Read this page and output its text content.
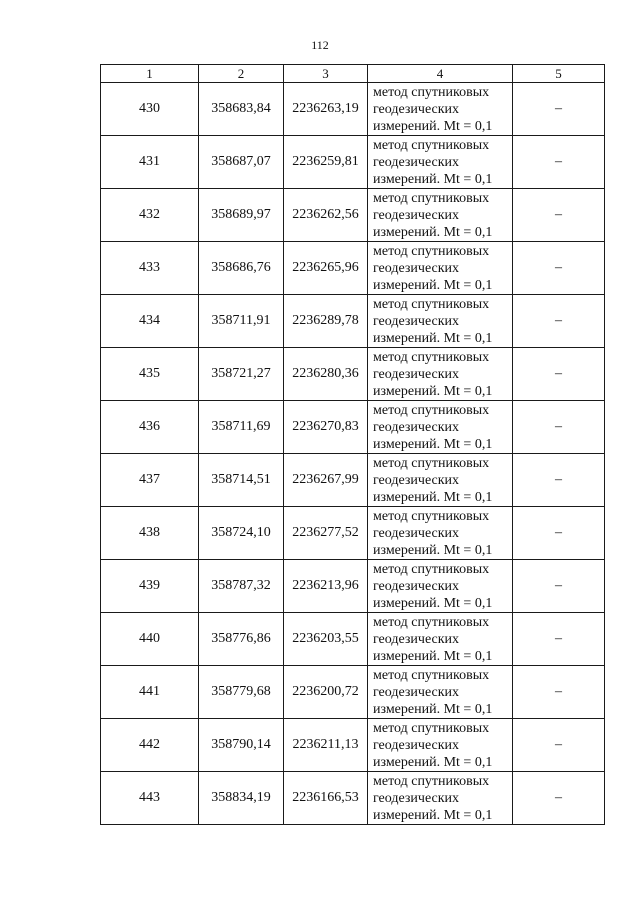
112
1	2	3	4	5
430	358683,84	2236263,19	метод спутниковых
геодезических
измерений. Mt = 0,1	–
431	358687,07	2236259,81	метод спутниковых
геодезических
измерений. Mt = 0,1	–
432	358689,97	2236262,56	метод спутниковых
геодезических
измерений. Mt = 0,1	–
433	358686,76	2236265,96	метод спутниковых
геодезических
измерений. Mt = 0,1	–
434	358711,91	2236289,78	метод спутниковых
геодезических
измерений. Mt = 0,1	–
435	358721,27	2236280,36	метод спутниковых
геодезических
измерений. Mt = 0,1	–
436	358711,69	2236270,83	метод спутниковых
геодезических
измерений. Mt = 0,1	–
437	358714,51	2236267,99	метод спутниковых
геодезических
измерений. Mt = 0,1	–
438	358724,10	2236277,52	метод спутниковых
геодезических
измерений. Mt = 0,1	–
439	358787,32	2236213,96	метод спутниковых
геодезических
измерений. Mt = 0,1	–
440	358776,86	2236203,55	метод спутниковых
геодезических
измерений. Mt = 0,1	–
441	358779,68	2236200,72	метод спутниковых
геодезических
измерений. Mt = 0,1	–
442	358790,14	2236211,13	метод спутниковых
геодезических
измерений. Mt = 0,1	–
443	358834,19	2236166,53	метод спутниковых
геодезических
измерений. Mt = 0,1	–
